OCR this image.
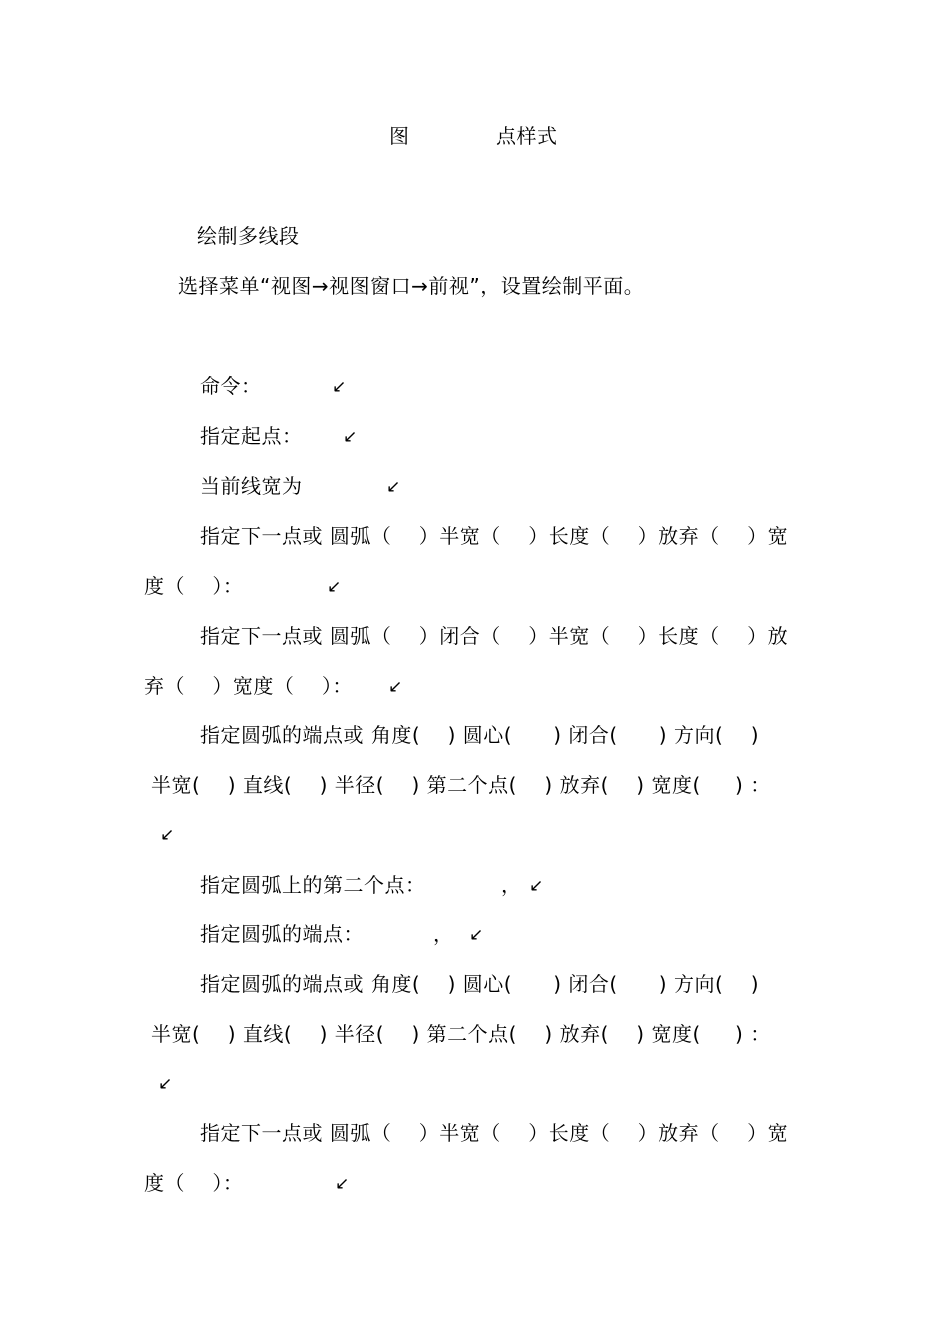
图	点样式
绘制多线段
选择菜单“视图→视图窗口→前视”，设置绘制平面。
命令：	↙
指定起点： ↙
当前线宽为	↙
指定下一点或 圆弧（    ）半宽（    ）长度（    ）放弃（    ）宽
度（    ）：	↙
指定下一点或 圆弧（    ）闭合（    ）半宽（    ）长度（    ）放
弃（    ）宽度（    ）： ↙
指定圆弧的端点或 角度(    ) 圆心(      ) 闭合(      ) 方向(    )
半宽(    ) 直线(    ) 半径(    ) 第二个点(    ) 放弃(    ) 宽度(     ) ：
↙
指定圆弧上的第二个点：	， ↙
指定圆弧的端点：	， ↙
指定圆弧的端点或 角度(    ) 圆心(      ) 闭合(      ) 方向(    )
半宽(    ) 直线(    ) 半径(    ) 第二个点(    ) 放弃(    ) 宽度(     ) ：
↙
指定下一点或 圆弧（    ）半宽（    ）长度（    ）放弃（    ）宽
度（    ）：	↙
